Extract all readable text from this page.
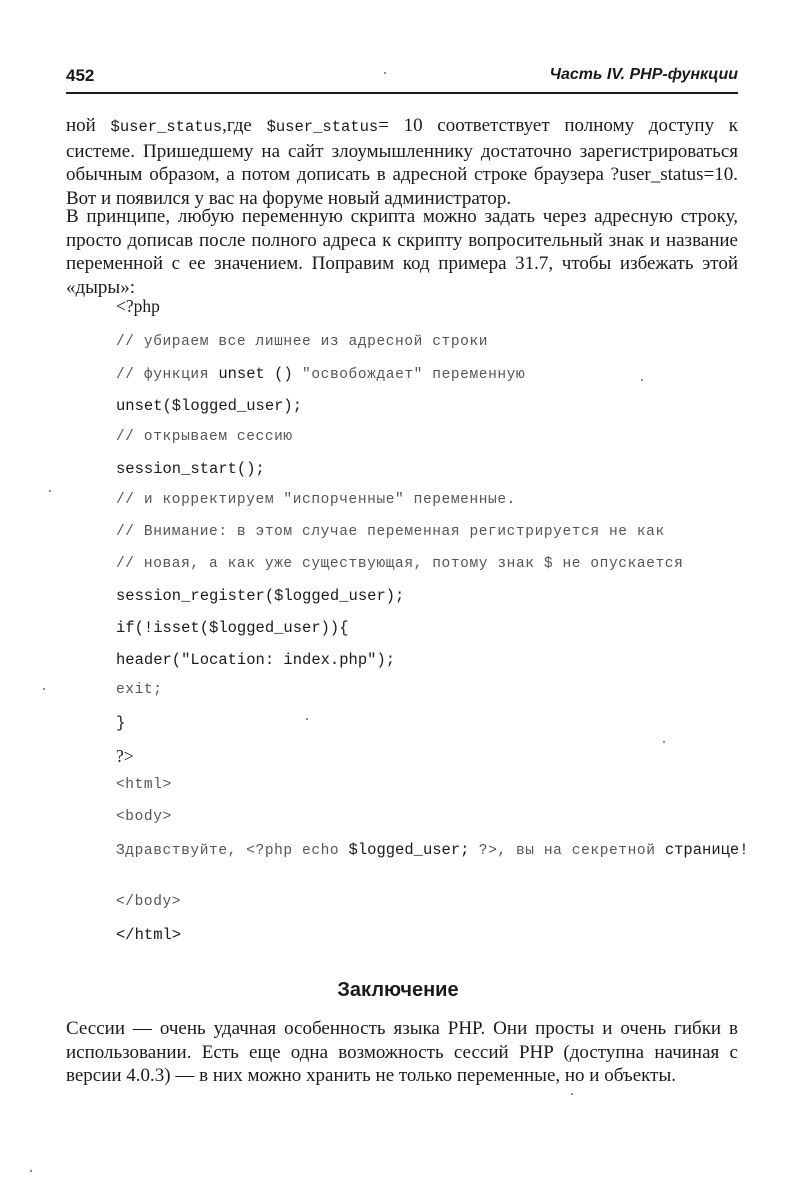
452	Часть IV. PHP-функции

ной $user_status,где $user_status= 10 соответствует полному доступу к системе. Пришедшему на сайт злоумышленнику достаточно зарегистрироваться обычным образом, а потом дописать в адресной строке браузера ?user_status=10. Вот и появился у вас на форуме новый администратор.

В принципе, любую переменную скрипта можно задать через адресную строку, просто дописав после полного адреса к скрипту вопросительный знак и название переменной с ее значением. Поправим код примера 31.7, чтобы избежать этой «дыры»:

<?php
// убираем все лишнее из адресной строки
// функция unset () "освобождает" переменную
unset($logged_user);
// открываем сессию
session_start();
// и корректируем "испорченные" переменные.
// Внимание: в этом случае переменная регистрируется не как
// новая, а как уже существующая, потому знак $ не опускается
session_register($logged_user);
if(!isset($logged_user)){
header("Location: index.php");
exit;
}
?>
<html>
<body>
Здравствуйте, <?php echo $logged_user; ?>, вы на секретной странице!
</body>
</html>
Заключение

Сессии — очень удачная особенность языка PHP. Они просты и очень гибки в использовании. Есть еще одна возможность сессий PHP (доступна начиная с версии 4.0.3) — в них можно хранить не только переменные, но и объекты.
